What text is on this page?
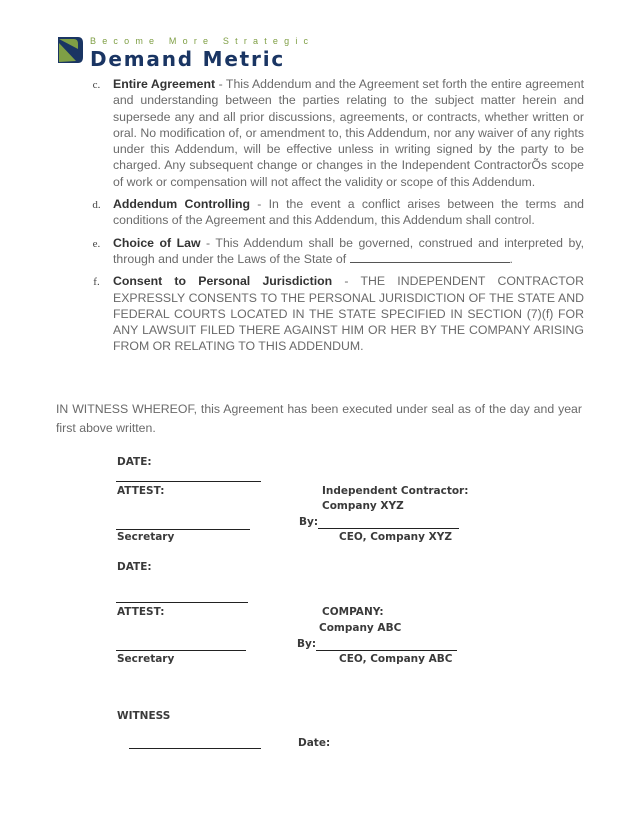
Become More Strategic
Demand Metric
c.	Entire Agreement - This Addendum and the Agreement set forth the entire agreement and understanding between the parties relating to the subject matter herein and supersede any and all prior discussions, agreements, or contracts, whether written or oral. No modification of, or amendment to, this Addendum, nor any waiver of any rights under this Addendum, will be effective unless in writing signed by the party to be charged. Any subsequent change or changes in the Independent ContractorÕs scope of work or compensation will not affect the validity or scope of this Addendum.
d.	Addendum Controlling - In the event a conflict arises between the terms and conditions of the Agreement and this Addendum, this Addendum shall control.
e.	Choice of Law - This Addendum shall be governed, construed and interpreted by, through and under the Laws of the State of	.
f.	Consent to Personal Jurisdiction - THE INDEPENDENT CONTRACTOR EXPRESSLY CONSENTS TO THE PERSONAL JURISDICTION OF THE STATE AND FEDERAL COURTS LOCATED IN THE STATE SPECIFIED IN SECTION (7)(f) FOR ANY LAWSUIT FILED THERE AGAINST HIM OR HER BY THE COMPANY ARISING FROM OR RELATING TO THIS ADDENDUM.
IN WITNESS WHEREOF, this Agreement has been executed under seal as of the day and year first above written.
DATE:
ATTEST:	Independent Contractor:
Company XYZ
By:
Secretary	CEO, Company XYZ
DATE:
ATTEST:	COMPANY:
Company ABC
By:
Secretary	CEO, Company ABC
WITNESS
Date:
